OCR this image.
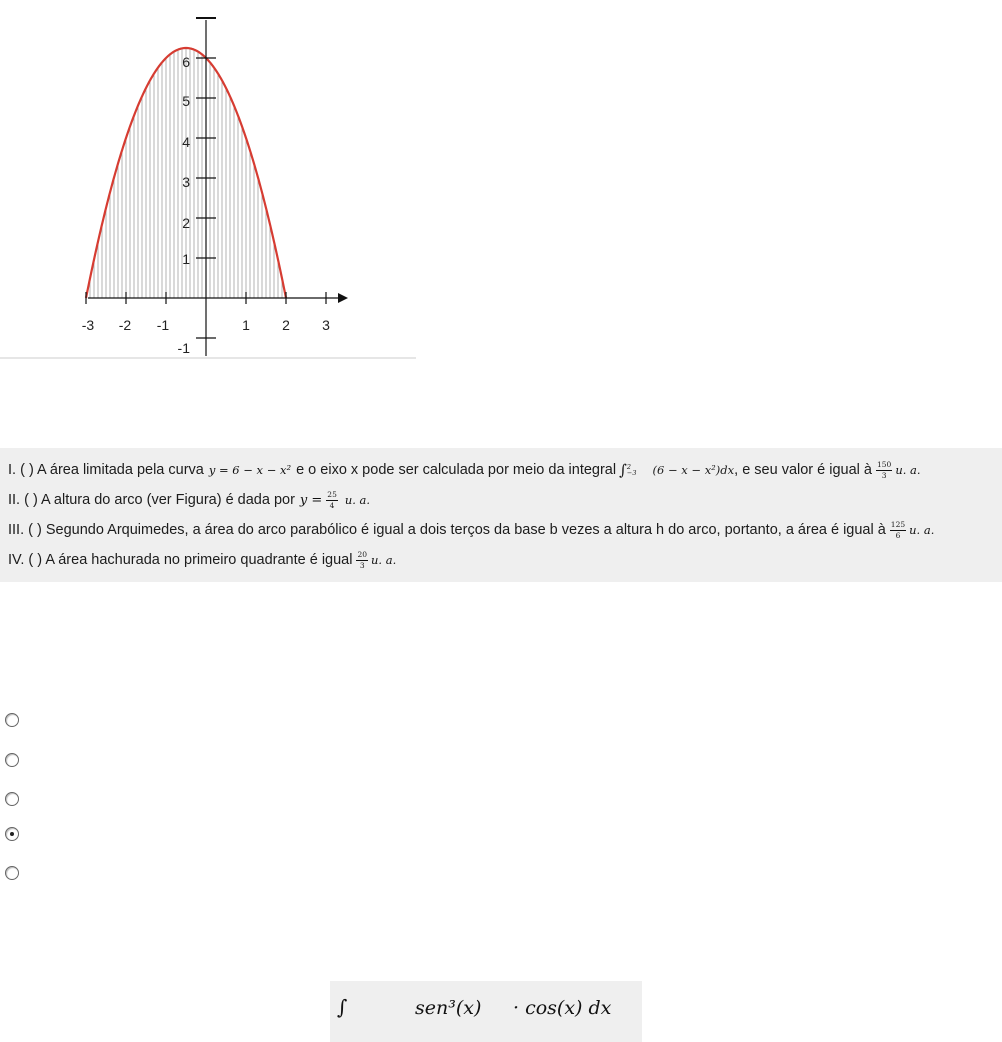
6
5
4
3
2
1
-1
-3 -2 -1	1 2 3
I. ( ) A área limitada pela curva y = 6 − x − x² e o eixo x pode ser calculada por meio da integral ∫ 2
−3 (6 − x − x²)dx , e seu valor é igual à $\frac{150}{3} u$. a.
II. ( ) A altura do arco (ver Figura) é dada por $y = \frac{25}{4} u$. a.
III. ( ) Segundo Arquimedes, a área do arco parabólico é igual a dois terços da base b vezes a altura h do arco, portanto, a área é igual à $\frac{125}{6} u$. a.
IV. ( ) A área hachurada no primeiro quadrante é igual $\frac{20}{3} u$. a.
∫	sen³(x) · cos(x) dx
